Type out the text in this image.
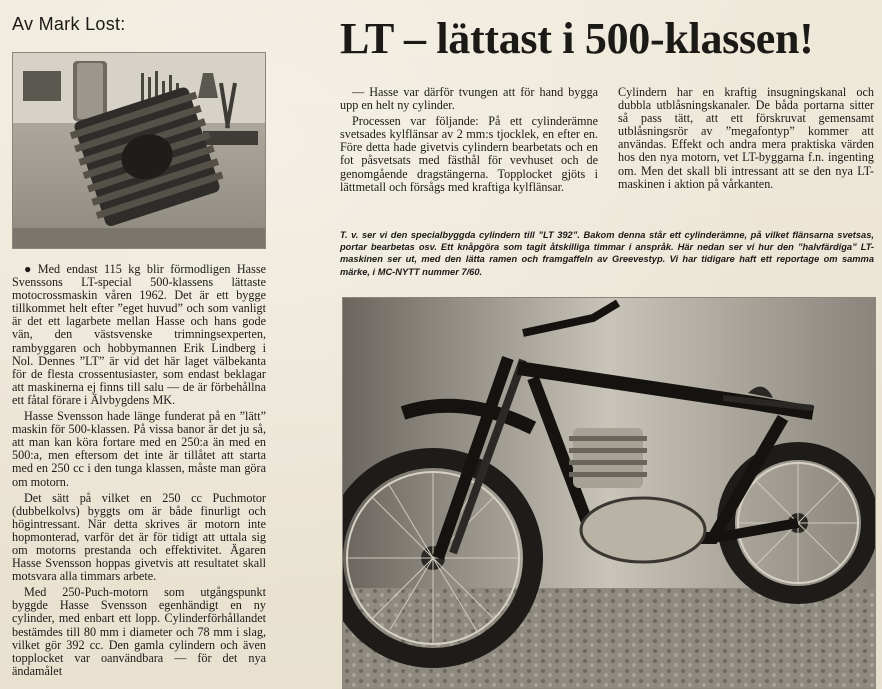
Av Mark Lost:	LT – lättast i 500-klassen!

● Med endast 115 kg blir förmodligen Hasse Svenssons LT-special 500-klassens lättaste motocrossmaskin våren 1962. Det är ett bygge tillkommet helt efter ”eget huvud” och som vanligt är det ett lagarbete mellan Hasse och hans gode vän, den västsvenske trimningsexperten, rambyggaren och hobbymannen Erik Lindberg i Nol. Dennes ”LT” är vid det här laget välbekanta för de flesta crossentusiaster, som endast beklagar att maskinerna ej finns till salu — de är förbehållna ett fåtal förare i Älvbygdens MK.

Hasse Svensson hade länge funderat på en ”lätt” maskin för 500-klassen. På vissa banor är det ju så, att man kan köra fortare med en 250:a än med en 500:a, men eftersom det inte är tillåtet att starta med en 250 cc i den tunga klassen, måste man göra om motorn.

Det sätt på vilket en 250 cc Puchmotor (dubbelkolvs) byggts om är både finurligt och högintressant. När detta skrives är motorn inte hopmonterad, varför det är för tidigt att uttala sig om motorns prestanda och effektivitet. Ägaren Hasse Svensson hoppas givetvis att resultatet skall motsvara alla timmars arbete.

Med 250-Puch-motorn som utgångspunkt byggde Hasse Svensson egenhändigt en ny cylinder, med enbart ett lopp. Cylinderförhållandet bestämdes till 80 mm i diameter och 78 mm i slag, vilket gör 392 cc. Den gamla cylindern och även topplocket var oanvändbara — för det nya ändamålet

— Hasse var därför tvungen att för hand bygga upp en helt ny cylinder.

Processen var följande: På ett cylinderämne svetsades kylflänsar av 2 mm:s tjocklek, en efter en. Före detta hade givetvis cylindern bearbetats och en fot påsvetsats med fästhål för vevhuset och de genomgående dragstängerna. Topplocket gjöts i lättmetall och försågs med kraftiga kylflänsar.

Cylindern har en kraftig insugningskanal och dubbla utblåsningskanaler. De båda portarna sitter så pass tätt, att ett förskruvat gemensamt utblåsningsrör av ”megafontyp” kommer att användas. Effekt och andra mera praktiska värden hos den nya motorn, vet LT-byggarna f.n. ingenting om. Men det skall bli intressant att se den nya LT-maskinen i aktion på vårkanten.

T. v. ser vi den specialbyggda cylindern till ”LT 392”. Bakom denna står ett cylinderämne, på vilket flänsarna svetsas, portar bearbetas osv. Ett knåpgöra som tagit åtskilliga timmar i anspråk. Här nedan ser vi hur den ”halvfärdiga” LT-maskinen ser ut, med den lätta ramen och framgaffeln av Greevestyp. Vi har tidigare haft ett reportage om samma märke, i MC-NYTT nummer 7/60.
